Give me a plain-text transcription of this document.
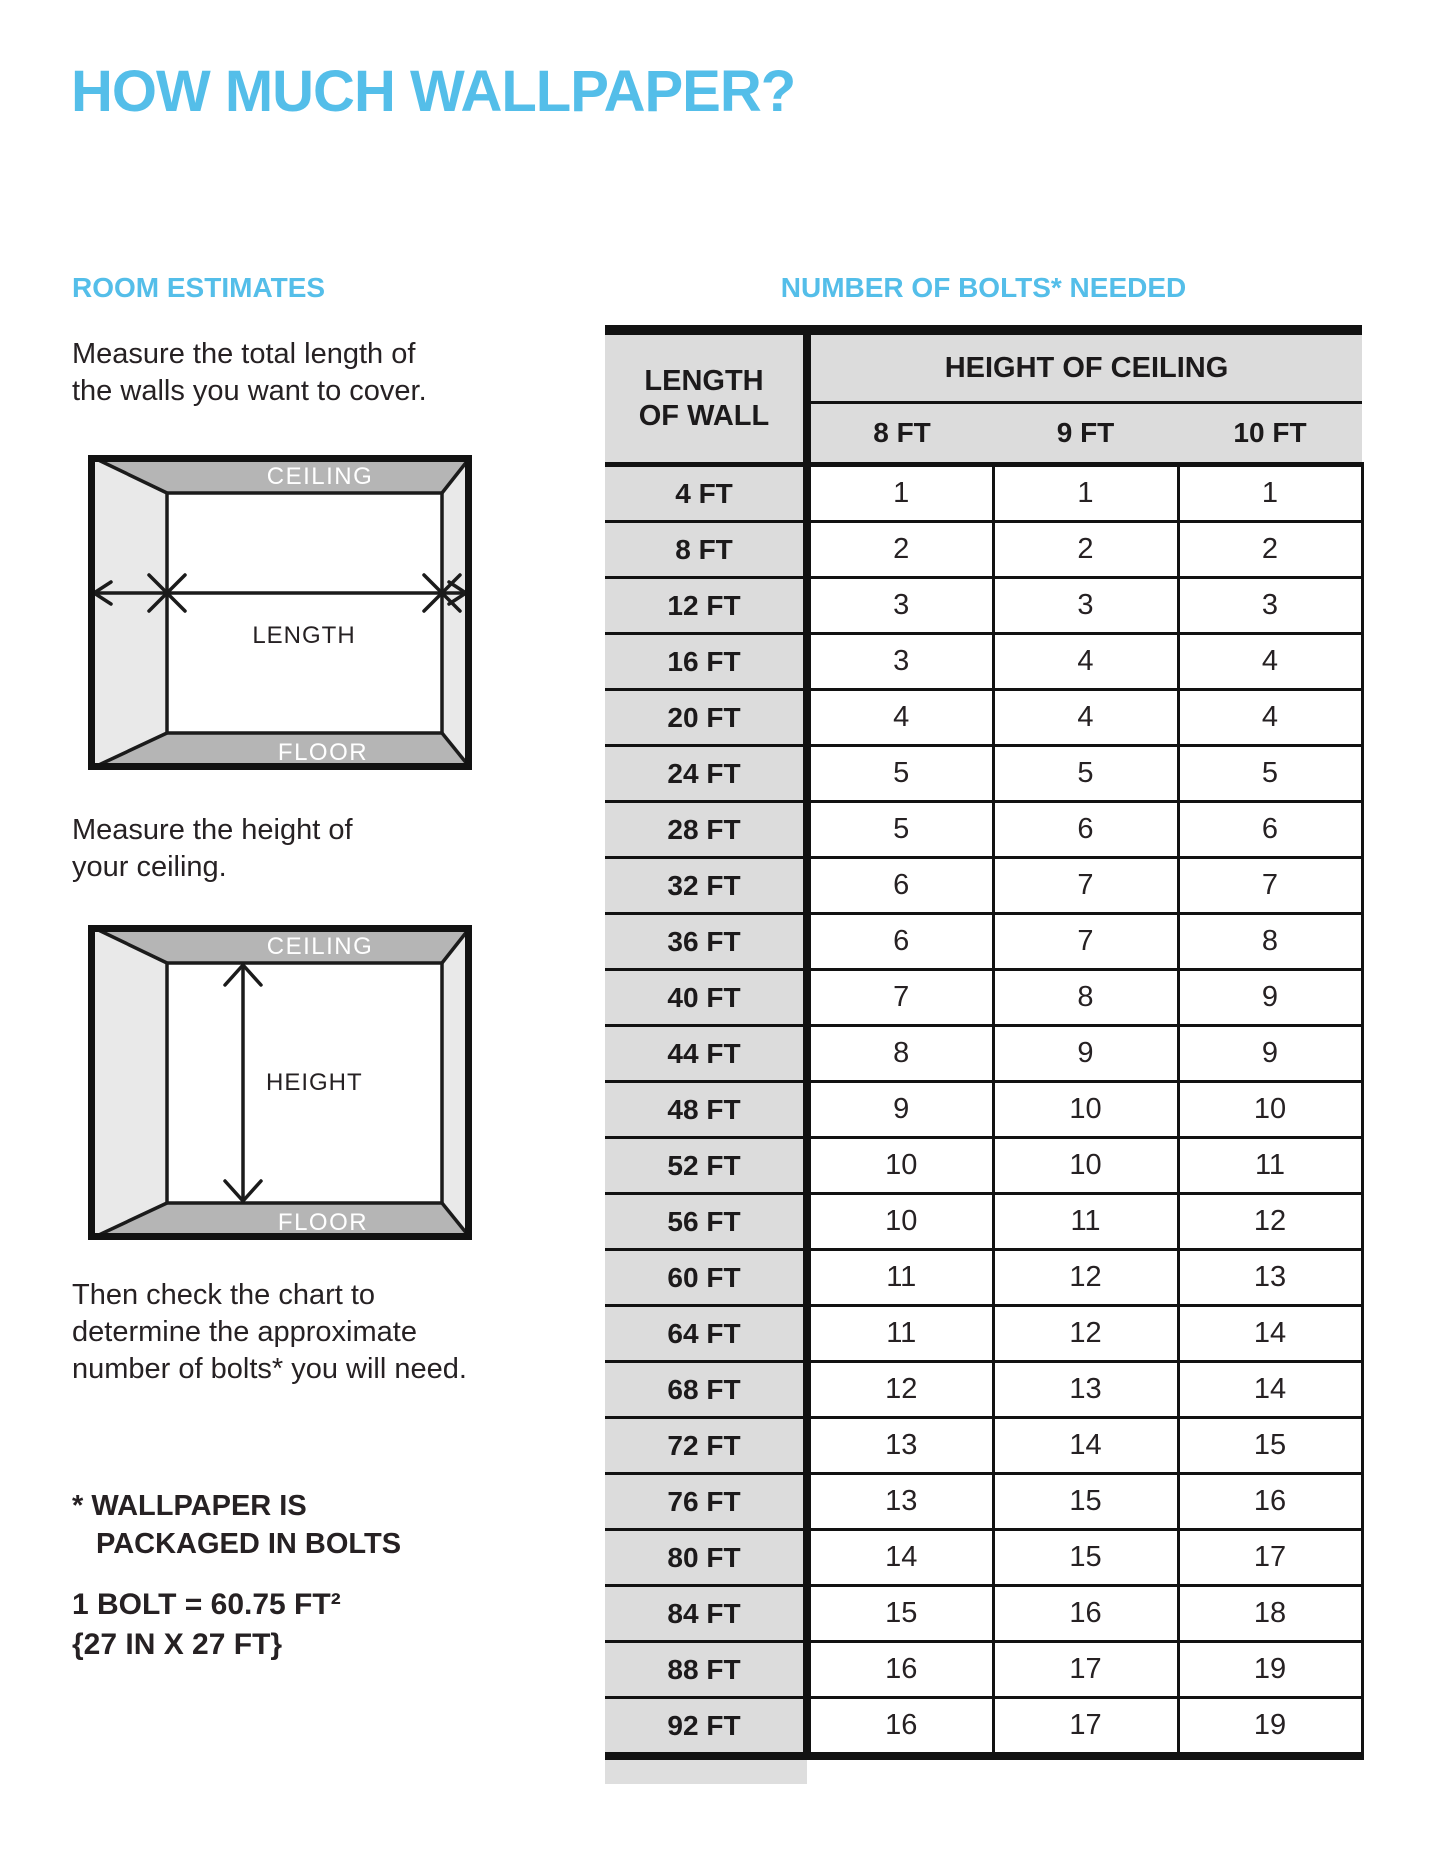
HOW MUCH WALLPAPER?
ROOM ESTIMATES	NUMBER OF BOLTS* NEEDED
Measure the total length of
the walls you want to cover.
CEILING
FLOOR
LENGTH
Measure the height of
your ceiling.
CEILING
FLOOR
HEIGHT
Then check the chart to
determine the approximate
number of bolts* you will need.
* WALLPAPER IS
PACKAGED IN BOLTS
1 BOLT = 60.75 FT²
{27 IN X 27 FT}
LENGTH
OF WALL	HEIGHT OF CEILING		
	8 FT	9 FT	10 FT
4 FT	1	1	1
8 FT	2	2	2
12 FT	3	3	3
16 FT	3	4	4
20 FT	4	4	4
24 FT	5	5	5
28 FT	5	6	6
32 FT	6	7	7
36 FT	6	7	8
40 FT	7	8	9
44 FT	8	9	9
48 FT	9	10	10
52 FT	10	10	11
56 FT	10	11	12
60 FT	11	12	13
64 FT	11	12	14
68 FT	12	13	14
72 FT	13	14	15
76 FT	13	15	16
80 FT	14	15	17
84 FT	15	16	18
88 FT	16	17	19
92 FT	16	17	19
